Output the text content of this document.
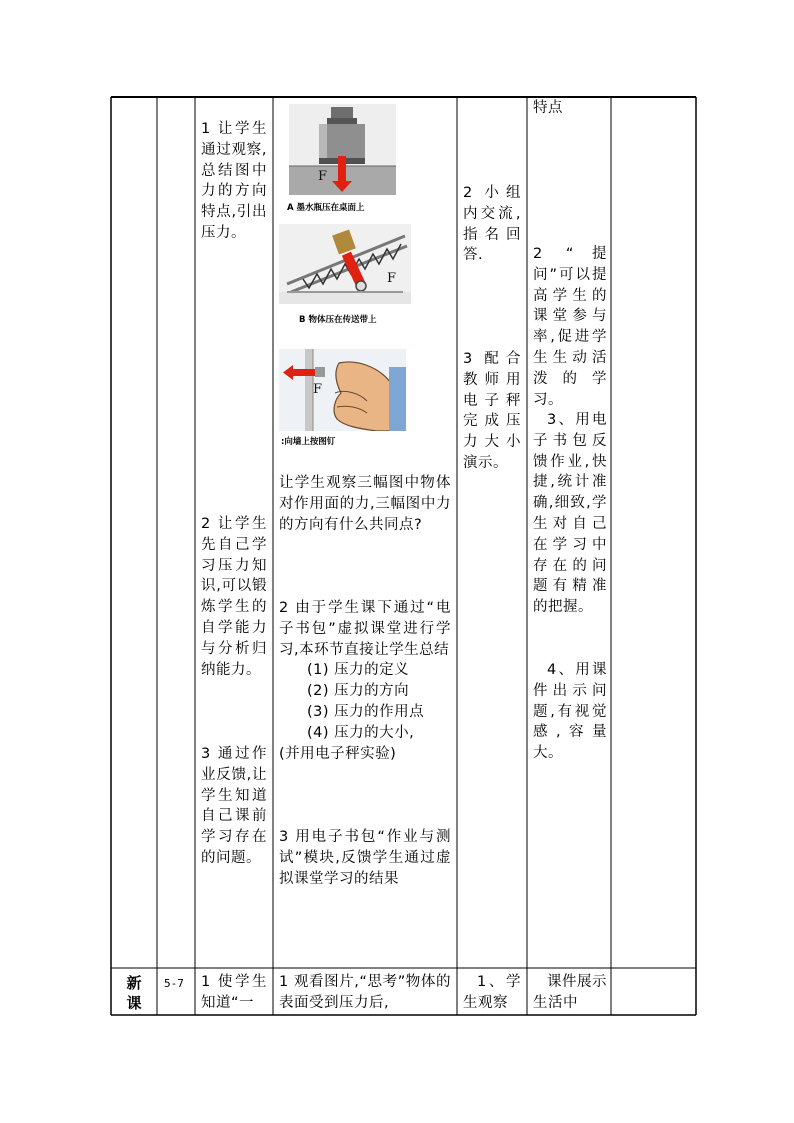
1 让学生通过观察,总结图中力的方向特点,引出压力。
2 让学生先自己学习压力知识,可以锻炼学生的自学能力与分析归纳能力。
3 通过作业反馈,让学生知道自己课前学习存在的问题。
F
A 墨水瓶压在桌面上
F
B 物体压在传送带上
F
:向墙上按图钉
让学生观察三幅图中物体对作用面的力,三幅图中力的方向有什么共同点?

2 由于学生课下通过“电子书包”虚拟课堂进行学习,本环节直接让学生总结

(1) 压力的定义

(2) 压力的方向

(3) 压力的作用点

(4) 压力的大小,

(并用电子秤实验)

3 用电子书包“作业与测试”模块,反馈学生通过虚拟课堂学习的结果
2 小组内交流,指名回答.
3 配合教师用电子秤完成压力大小演示。
特点
2 “提问”可以提高学生的课堂参与率,促进学生生动活泼的学习。
3、用电子书包反馈作业,快捷,统计准确,细致,学生对自己在学习中存在的问题有精准的把握。
4、用课件出示问题,有视觉感,容量大。
新
课
5-7 1 使学生知道“一
1 观看图片,“思考”物体的表面受到压力后,
1、学生观察
课件展示生活中
